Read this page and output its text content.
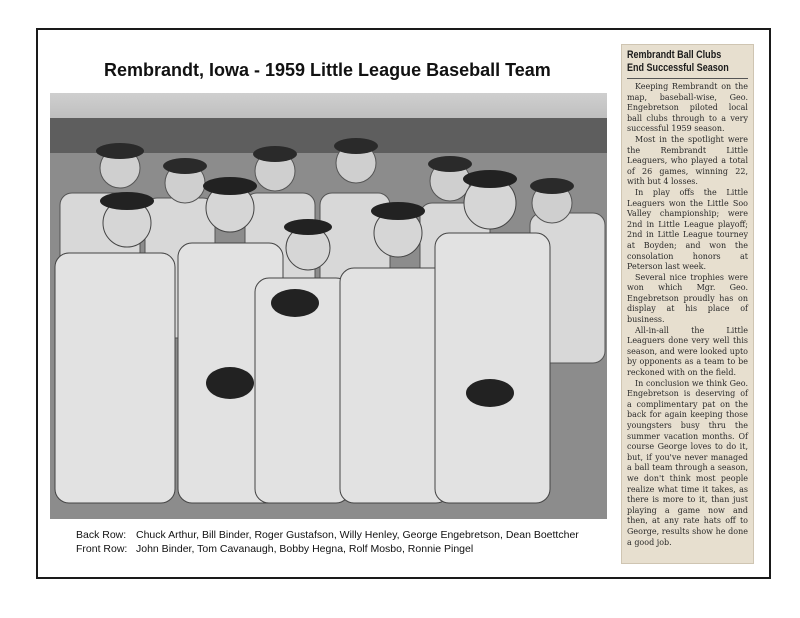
Rembrandt, Iowa - 1959 Little League Baseball Team
Back Row: Chuck Arthur, Bill Binder, Roger Gustafson, Willy Henley, George Engebretson, Dean Boettcher
Front Row: John Binder, Tom Cavanaugh, Bobby Hegna, Rolf Mosbo, Ronnie Pingel
Rembrandt Ball Clubs
End Successful Season

Keeping Rembrandt on the map, baseball-wise, Geo. Engebretson piloted local ball clubs through to a very successful 1959 season.

Most in the spotlight were the Rembrandt Little Leaguers, who played a total of 26 games, winning 22, with but 4 losses.

In play offs the Little Leaguers won the Little Soo Valley championship; were 2nd in Little League playoff; 2nd in Little League tourney at Boyden; and won the consolation honors at Peterson last week.

Several nice trophies were won which Mgr. Geo. Engebretson proudly has on display at his place of business.

All-in-all the Little Leaguers done very well this season, and were looked upto by opponents as a team to be reckoned with on the field.

In conclusion we think Geo. Engebretson is deserving of a complimentary pat on the back for again keeping those youngsters busy thru the summer vacation months. Of course George loves to do it, but, if you've never managed a ball team through a season, we don't think most people realize what time it takes, as there is more to it, than just playing a game now and then, at any rate hats off to George, results show he done a good job.
